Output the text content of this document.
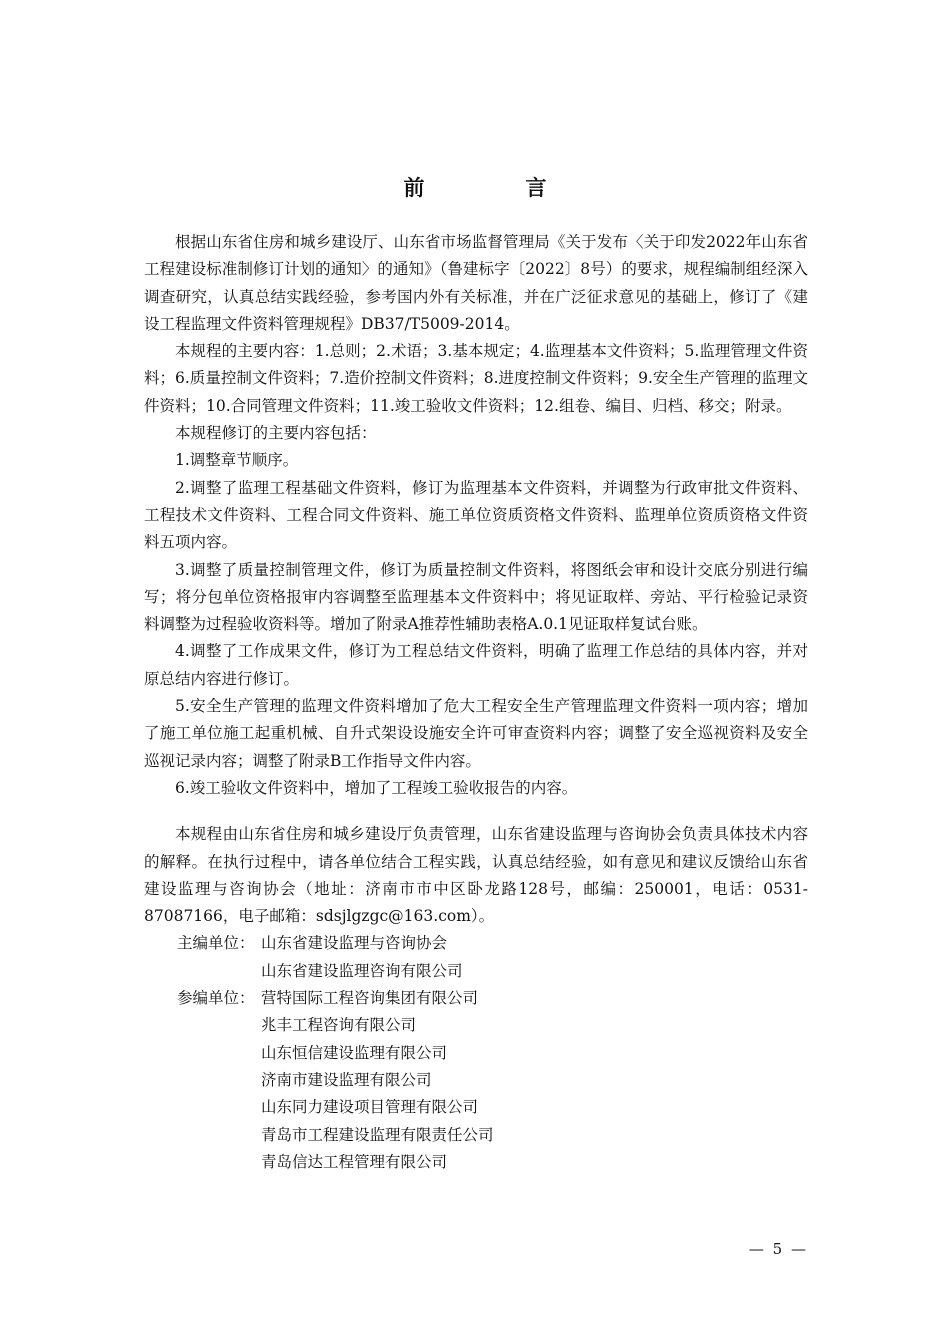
前　言

根据山东省住房和城乡建设厅、山东省市场监督管理局《关于发布〈关于印发2022年山东省工程建设标准制修订计划的通知〉的通知》（鲁建标字〔2022〕8号）的要求，规程编制组经深入调查研究，认真总结实践经验，参考国内外有关标准，并在广泛征求意见的基础上，修订了《建设工程监理文件资料管理规程》DB37/T5009-2014。

本规程的主要内容：1.总则；2.术语；3.基本规定；4.监理基本文件资料；5.监理管理文件资料；6.质量控制文件资料；7.造价控制文件资料；8.进度控制文件资料；9.安全生产管理的监理文件资料；10.合同管理文件资料；11.竣工验收文件资料；12.组卷、编目、归档、移交；附录。

本规程修订的主要内容包括：

1.调整章节顺序。

2.调整了监理工程基础文件资料，修订为监理基本文件资料，并调整为行政审批文件资料、工程技术文件资料、工程合同文件资料、施工单位资质资格文件资料、监理单位资质资格文件资料五项内容。

3.调整了质量控制管理文件，修订为质量控制文件资料，将图纸会审和设计交底分别进行编写；将分包单位资格报审内容调整至监理基本文件资料中；将见证取样、旁站、平行检验记录资料调整为过程验收资料等。增加了附录A推荐性辅助表格A.0.1见证取样复试台账。

4.调整了工作成果文件，修订为工程总结文件资料，明确了监理工作总结的具体内容，并对原总结内容进行修订。

5.安全生产管理的监理文件资料增加了危大工程安全生产管理监理文件资料一项内容；增加了施工单位施工起重机械、自升式架设设施安全许可审查资料内容；调整了安全巡视资料及安全巡视记录内容；调整了附录B工作指导文件内容。

6.竣工验收文件资料中，增加了工程竣工验收报告的内容。

本规程由山东省住房和城乡建设厅负责管理，山东省建设监理与咨询协会负责具体技术内容的解释。在执行过程中，请各单位结合工程实践，认真总结经验，如有意见和建议反馈给山东省建设监理与咨询协会（地址：济南市市中区卧龙路128号，邮编：250001，电话：0531-87087166，电子邮箱：sdsjlgzgc@163.com）。

主编单位： 山东省建设监理与咨询协会
山东省建设监理咨询有限公司
参编单位： 营特国际工程咨询集团有限公司
兆丰工程咨询有限公司
山东恒信建设监理有限公司
济南市建设监理有限公司
山东同力建设项目管理有限公司
青岛市工程建设监理有限责任公司
青岛信达工程管理有限公司
— 5 —
